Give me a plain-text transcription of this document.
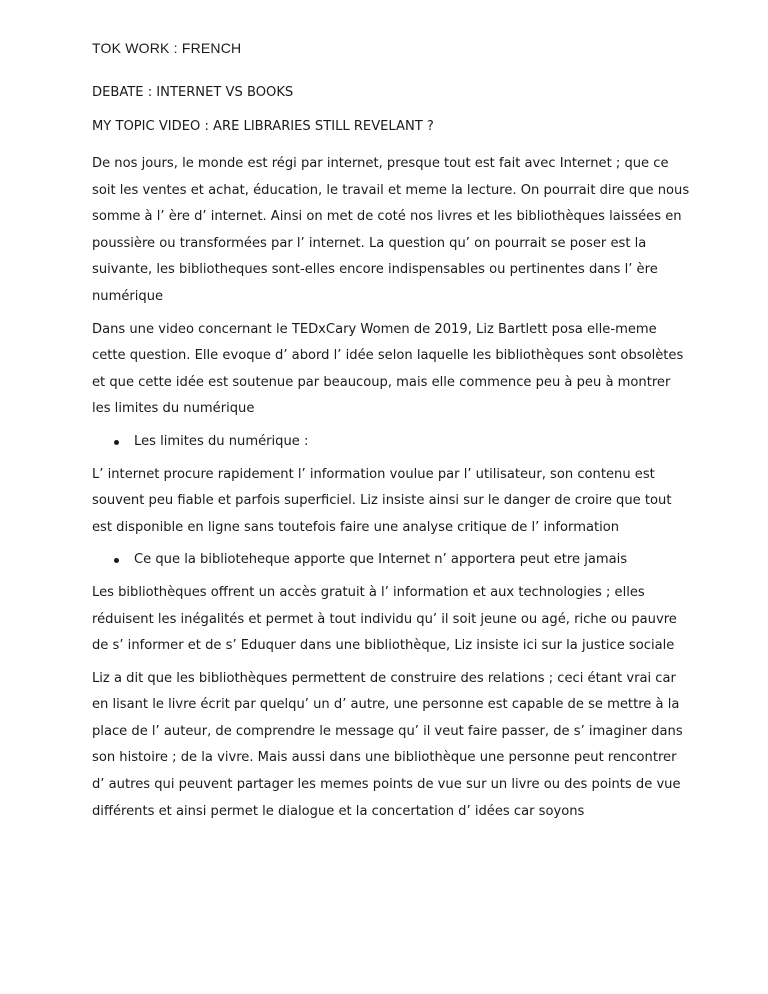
TOK WORK : FRENCH
DEBATE : INTERNET VS BOOKS
MY TOPIC VIDEO : ARE LIBRARIES STILL REVELANT ?

De nos jours, le monde est régi par internet, presque tout est fait avec Internet ; que ce soit les ventes et achat, éducation, le travail et meme la lecture. On pourrait dire que nous somme à l’ ère d’ internet. Ainsi on met de coté nos livres et les bibliothèques laissées en poussière ou transformées par l’ internet. La question qu’ on pourrait se poser est la suivante, les bibliotheques sont-elles encore indispensables ou pertinentes dans l’ ère numérique

Dans une video concernant le TEDxCary Women de 2019, Liz Bartlett posa elle-meme cette question. Elle evoque d’ abord l’ idée selon laquelle les bibliothèques sont obsolètes et que cette idée est soutenue par beaucoup, mais elle commence peu à peu à montrer les limites du numérique

Les limites du numérique :

L’ internet procure rapidement l’ information voulue par l’ utilisateur, son contenu est souvent peu fiable et parfois superficiel. Liz insiste ainsi sur le danger de croire que tout est disponible en ligne sans toutefois faire une analyse critique de l’ information

Ce que la biblioteheque apporte que Internet n’ apportera peut etre jamais

Les bibliothèques offrent un accès gratuit à l’ information et aux technologies ; elles réduisent les inégalités et permet à tout individu qu’ il soit jeune ou agé, riche ou pauvre de s’ informer et de s’ Eduquer dans une bibliothèque, Liz insiste ici sur la justice sociale

Liz a dit que les bibliothèques permettent de construire des relations ; ceci étant vrai car en lisant le livre écrit par quelqu’ un d’ autre, une personne est capable de se mettre à la place de l’ auteur, de comprendre le message qu’ il veut faire passer, de s’ imaginer dans son histoire ; de la vivre. Mais aussi dans une bibliothèque une personne peut rencontrer d’ autres qui peuvent partager les memes points de vue sur un livre ou des points de vue différents et ainsi permet le dialogue et la concertation d’ idées car soyons
